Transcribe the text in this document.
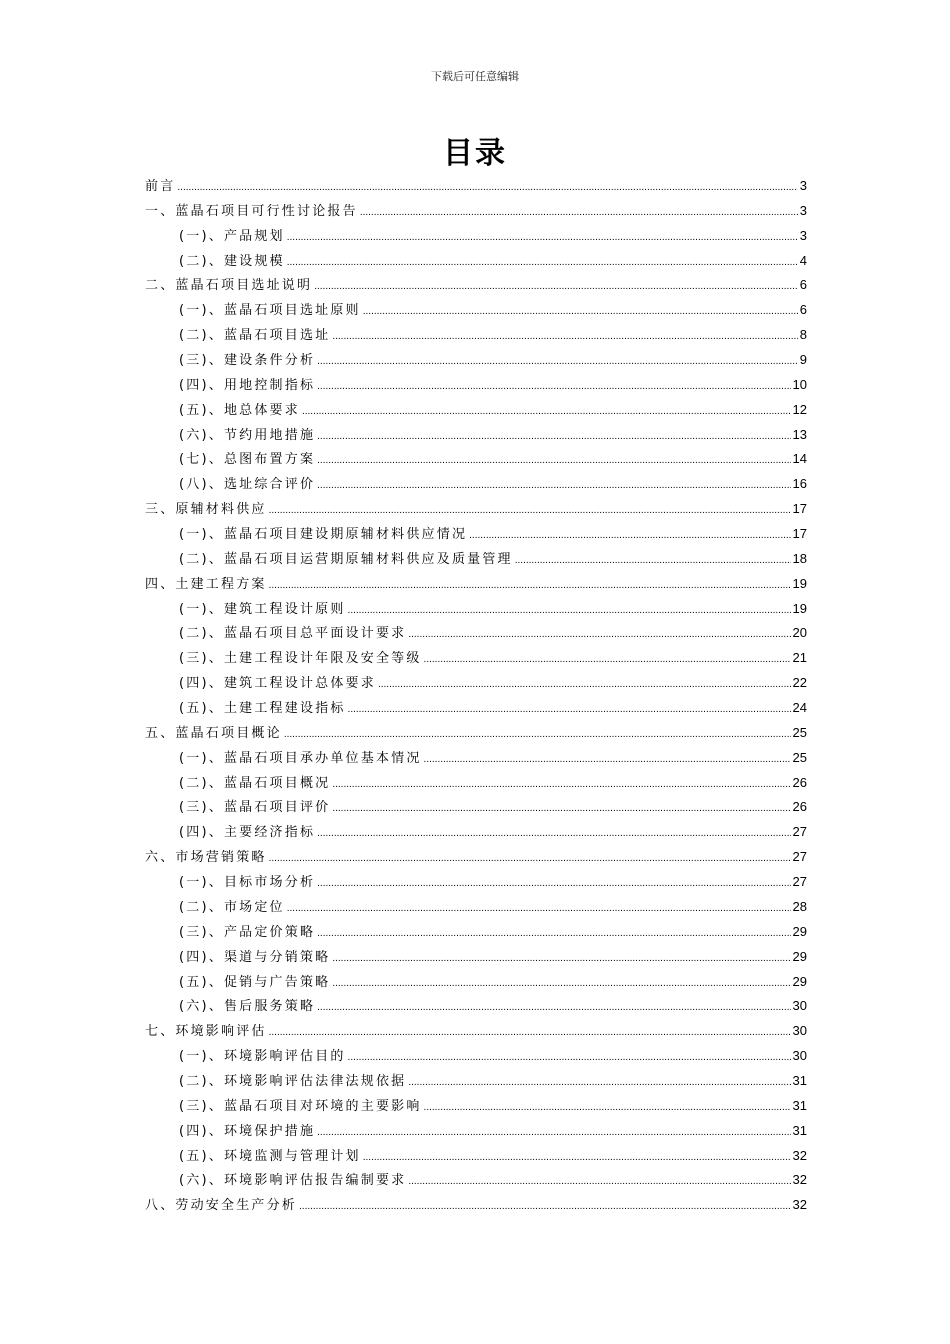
下载后可任意编辑
目录
前言 .....	3
一、蓝晶石项目可行性讨论报告 .....	3
(一)、产品规划 .....	3
(二)、建设规模 .....	4
二、蓝晶石项目选址说明 .....	6
(一)、蓝晶石项目选址原则 .....	6
(二)、蓝晶石项目选址 .....	8
(三)、建设条件分析 .....	9
(四)、用地控制指标 .....	10
(五)、地总体要求 .....	12
(六)、节约用地措施 .....	13
(七)、总图布置方案 .....	14
(八)、选址综合评价 .....	16
三、原辅材料供应 .....	17
(一)、蓝晶石项目建设期原辅材料供应情况 .....	17
(二)、蓝晶石项目运营期原辅材料供应及质量管理 .....	18
四、土建工程方案 .....	19
(一)、建筑工程设计原则 .....	19
(二)、蓝晶石项目总平面设计要求 .....	20
(三)、土建工程设计年限及安全等级 .....	21
(四)、建筑工程设计总体要求 .....	22
(五)、土建工程建设指标 .....	24
五、蓝晶石项目概论 .....	25
(一)、蓝晶石项目承办单位基本情况 .....	25
(二)、蓝晶石项目概况 .....	26
(三)、蓝晶石项目评价 .....	26
(四)、主要经济指标 .....	27
六、市场营销策略 .....	27
(一)、目标市场分析 .....	27
(二)、市场定位 .....	28
(三)、产品定价策略 .....	29
(四)、渠道与分销策略 .....	29
(五)、促销与广告策略 .....	29
(六)、售后服务策略 .....	30
七、环境影响评估 .....	30
(一)、环境影响评估目的 .....	30
(二)、环境影响评估法律法规依据 .....	31
(三)、蓝晶石项目对环境的主要影响 .....	31
(四)、环境保护措施 .....	31
(五)、环境监测与管理计划 .....	32
(六)、环境影响评估报告编制要求 .....	32
八、劳动安全生产分析 .....	32
